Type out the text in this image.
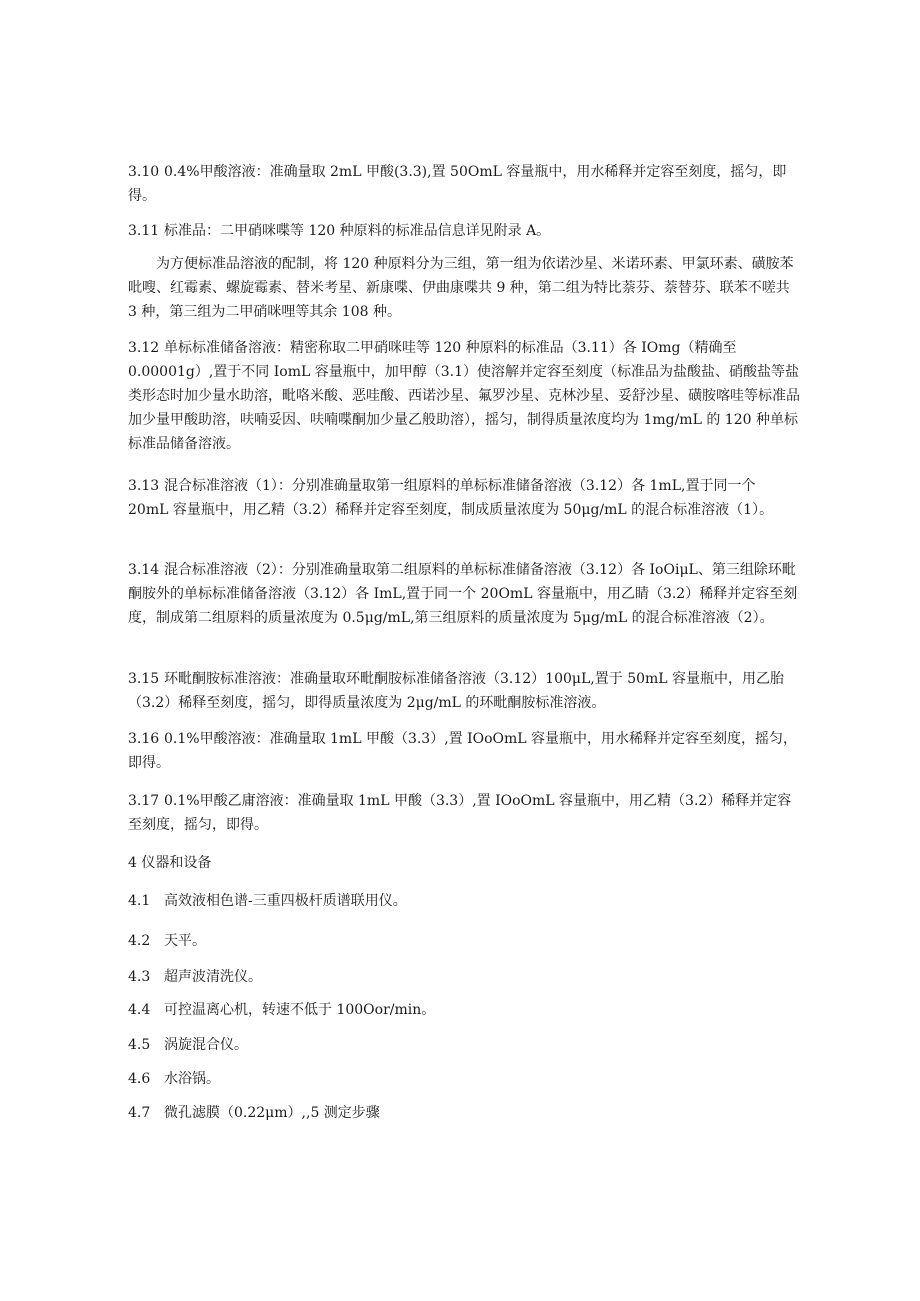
3.10 0.4%甲酸溶液：准确量取 2mL 甲酸(3.3),置 50OmL 容量瓶中，用水稀释并定容至刻度，摇匀，即得。
3.11 标准品：二甲硝咪喋等 120 种原料的标准品信息详见附录 A。
为方便标准品溶液的配制，将 120 种原料分为三组，第一组为依诺沙星、米诺环素、甲氯环素、磺胺苯吡嗖、红霉素、螺旋霉素、替米考星、新康喋、伊曲康喋共 9 种，第二组为特比萘芬、萘替芬、联苯不嗟共 3 种，第三组为二甲硝咪哩等其余 108 种。
3.12 单标标准储备溶液：精密称取二甲硝咪哇等 120 种原料的标准品（3.11）各 IOmg（精确至 0.00001g）,置于不同 IomL 容量瓶中，加甲醇（3.1）使溶解并定容至刻度（标准品为盐酸盐、硝酸盐等盐类形态时加少量水助溶，毗咯米酸、恶哇酸、西诺沙星、氟罗沙星、克林沙星、妥舒沙星、磺胺喀哇等标准品加少量甲酸助溶，呋喃妥因、呋喃喋酮加少量乙般助溶），摇匀，制得质量浓度均为 1mg/mL 的 120 种单标标准品储备溶液。
3.13 混合标准溶液（1）：分别准确量取第一组原料的单标标准储备溶液（3.12）各 1mL,置于同一个 20mL 容量瓶中，用乙精（3.2）稀释并定容至刻度，制成质量浓度为 50μg∕mL 的混合标准溶液（1）。
3.14 混合标准溶液（2）：分别准确量取第二组原料的单标标准储备溶液（3.12）各 IoOiμL、第三组除环毗酮胺外的单标标准储备溶液（3.12）各 ImL,置于同一个 20OmL 容量瓶中，用乙睛（3.2）稀释并定容至刻度，制成第二组原料的质量浓度为 0.5μg∕mL,第三组原料的质量浓度为 5μg∕mL 的混合标准溶液（2）。
3.15 环毗酮胺标准溶液：准确量取环毗酮胺标准储备溶液（3.12）100μL,置于 50mL 容量瓶中，用乙胎（3.2）稀释至刻度，摇匀，即得质量浓度为 2μg∕mL 的环毗酮胺标准溶液。
3.16 0.1%甲酸溶液：准确量取 1mL 甲酸（3.3）,置 IOoOmL 容量瓶中，用水稀释并定容至刻度，摇匀，即得。
3.17 0.1%甲酸乙庸溶液：准确量取 1mL 甲酸（3.3）,置 IOoOmL 容量瓶中，用乙精（3.2）稀释并定容至刻度，摇匀，即得。
4 仪器和设备
4.1 高效液相色谱-三重四极杆质谱联用仪。
4.2 天平。
4.3 超声波清洗仪。
4.4 可控温离心机，转速不低于 100Oor/min。
4.5 涡旋混合仪。
4.6 水浴锅。
4.7 微孔滤膜（0.22μm）,,5 测定步骤
